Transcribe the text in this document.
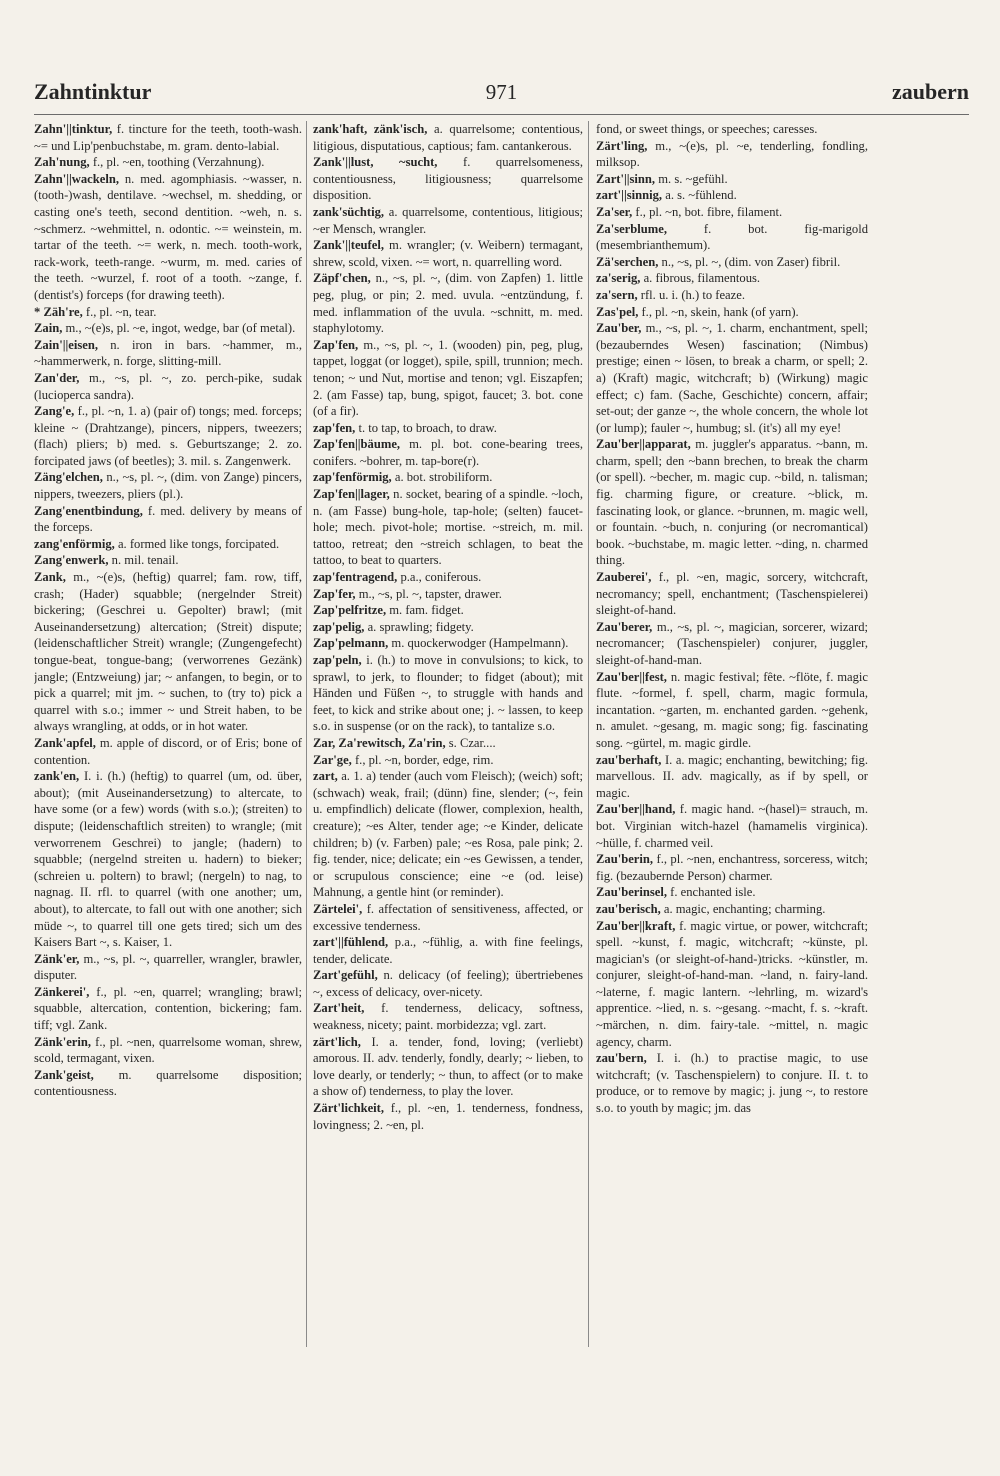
Zahntinktur	971	zaubern

Zahn'||tinktur, f. tincture for the teeth, tooth-wash. ~= und Lip'penbuchstabe, m. gram. dento-labial.

Zah'nung, f., pl. ~en, toothing (Verzahnung).

Zahn'||wackeln, n. med. agomphiasis. ~wasser, n. (tooth-)wash, dentilave. ~wechsel, m. shedding, or casting one's teeth, second dentition. ~weh, n. s. ~schmerz. ~wehmittel, n. odontic. ~= weinstein, m. tartar of the teeth. ~= werk, n. mech. tooth-work, rack-work, teeth-range. ~wurm, m. med. caries of the teeth. ~wurzel, f. root of a tooth. ~zange, f. (dentist's) forceps (for drawing teeth).

* Zäh're, f., pl. ~n, tear.

Zain, m., ~(e)s, pl. ~e, ingot, wedge, bar (of metal).

Zain'||eisen, n. iron in bars. ~hammer, m., ~hammerwerk, n. forge, slitting-mill.

Zan'der, m., ~s, pl. ~, zo. perch-pike, sudak (lucioperca sandra).

Zang'e, f., pl. ~n, 1. a) (pair of) tongs; med. forceps; kleine ~ (Drahtzange), pincers, nippers, tweezers; (flach) pliers; b) med. s. Geburtszange; 2. zo. forcipated jaws (of beetles); 3. mil. s. Zangenwerk.

Zäng'elchen, n., ~s, pl. ~, (dim. von Zange) pincers, nippers, tweezers, pliers (pl.).

Zang'enentbindung, f. med. delivery by means of the forceps.

zang'enförmig, a. formed like tongs, forcipated.

Zang'enwerk, n. mil. tenail.

Zank, m., ~(e)s, (heftig) quarrel; fam. row, tiff, crash; (Hader) squabble; (nergelnder Streit) bickering; (Geschrei u. Gepolter) brawl; (mit Auseinandersetzung) altercation; (Streit) dispute; (leidenschaftlicher Streit) wrangle; (Zungengefecht) tongue-beat, tongue-bang; (verworrenes Gezänk) jangle; (Entzweiung) jar; ~ anfangen, to begin, or to pick a quarrel; mit jm. ~ suchen, to (try to) pick a quarrel with s.o.; immer ~ und Streit haben, to be always wrangling, at odds, or in hot water.

Zank'apfel, m. apple of discord, or of Eris; bone of contention.

zank'en, I. i. (h.) (heftig) to quarrel (um, od. über, about); (mit Auseinandersetzung) to altercate, to have some (or a few) words (with s.o.); (streiten) to dispute; (leidenschaftlich streiten) to wrangle; (mit verworrenem Geschrei) to jangle; (hadern) to squabble; (nergelnd streiten u. hadern) to bieker; (schreien u. poltern) to brawl; (nergeln) to nag, to nagnag. II. rfl. to quarrel (with one another; um, about), to altercate, to fall out with one another; sich müde ~, to quarrel till one gets tired; sich um des Kaisers Bart ~, s. Kaiser, 1.

Zänk'er, m., ~s, pl. ~, quarreller, wrangler, brawler, disputer.

Zänkerei', f., pl. ~en, quarrel; wrangling; brawl; squabble, altercation, contention, bickering; fam. tiff; vgl. Zank.

Zänk'erin, f., pl. ~nen, quarrelsome woman, shrew, scold, termagant, vixen.

Zank'geist, m. quarrelsome disposition; contentiousness.

zank'haft, zänk'isch, a. quarrelsome; contentious, litigious, disputatious, captious; fam. cantankerous.

Zank'||lust, ~sucht, f. quarrelsomeness, contentiousness, litigiousness; quarrelsome disposition.

zank'süchtig, a. quarrelsome, contentious, litigious; ~er Mensch, wrangler.

Zank'||teufel, m. wrangler; (v. Weibern) termagant, shrew, scold, vixen. ~= wort, n. quarrelling word.

Zäpf'chen, n., ~s, pl. ~, (dim. von Zapfen) 1. little peg, plug, or pin; 2. med. uvula. ~entzündung, f. med. inflammation of the uvula. ~schnitt, m. med. staphylotomy.

Zap'fen, m., ~s, pl. ~, 1. (wooden) pin, peg, plug, tappet, loggat (or logget), spile, spill, trunnion; mech. tenon; ~ und Nut, mortise and tenon; vgl. Eiszapfen; 2. (am Fasse) tap, bung, spigot, faucet; 3. bot. cone (of a fir).

zap'fen, t. to tap, to broach, to draw.

Zap'fen||bäume, m. pl. bot. cone-bearing trees, conifers. ~bohrer, m. tap-bore(r).

zap'fenförmig, a. bot. strobiliform.

Zap'fen||lager, n. socket, bearing of a spindle. ~loch, n. (am Fasse) bung-hole, tap-hole; (selten) faucet-hole; mech. pivot-hole; mortise. ~streich, m. mil. tattoo, retreat; den ~streich schlagen, to beat the tattoo, to beat to quarters.

zap'fentragend, p.a., coniferous.

Zap'fer, m., ~s, pl. ~, tapster, drawer.

Zap'pelfritze, m. fam. fidget.

zap'pelig, a. sprawling; fidgety.

Zap'pelmann, m. quockerwodger (Hampelmann).

zap'peln, i. (h.) to move in convulsions; to kick, to sprawl, to jerk, to flounder; to fidget (about); mit Händen und Füßen ~, to struggle with hands and feet, to kick and strike about one; j. ~ lassen, to keep s.o. in suspense (or on the rack), to tantalize s.o.

Zar, Za'rewitsch, Za'rin, s. Czar....

Zar'ge, f., pl. ~n, border, edge, rim.

zart, a. 1. a) tender (auch vom Fleisch); (weich) soft; (schwach) weak, frail; (dünn) fine, slender; (~, fein u. empfindlich) delicate (flower, complexion, health, creature); ~es Alter, tender age; ~e Kinder, delicate children; b) (v. Farben) pale; ~es Rosa, pale pink; 2. fig. tender, nice; delicate; ein ~es Gewissen, a tender, or scrupulous conscience; eine ~e (od. leise) Mahnung, a gentle hint (or reminder).

Zärtelei', f. affectation of sensitiveness, affected, or excessive tenderness.

zart'||fühlend, p.a., ~fühlig, a. with fine feelings, tender, delicate.

Zart'gefühl, n. delicacy (of feeling); übertriebenes ~, excess of delicacy, over-nicety.

Zart'heit, f. tenderness, delicacy, softness, weakness, nicety; paint. morbidezza; vgl. zart.

zärt'lich, I. a. tender, fond, loving; (verliebt) amorous. II. adv. tenderly, fondly, dearly; ~ lieben, to love dearly, or tenderly; ~ thun, to affect (or to make a show of) tenderness, to play the lover.

Zärt'lichkeit, f., pl. ~en, 1. tenderness, fondness, lovingness; 2. ~en, pl.

fond, or sweet things, or speeches; caresses.

Zärt'ling, m., ~(e)s, pl. ~e, tenderling, fondling, milksop.

Zart'||sinn, m. s. ~gefühl.

zart'||sinnig, a. s. ~fühlend.

Za'ser, f., pl. ~n, bot. fibre, filament.

Za'serblume, f. bot. fig-marigold (mesembrianthemum).

Zä'serchen, n., ~s, pl. ~, (dim. von Zaser) fibril.

za'serig, a. fibrous, filamentous.

za'sern, rfl. u. i. (h.) to feaze.

Zas'pel, f., pl. ~n, skein, hank (of yarn).

Zau'ber, m., ~s, pl. ~, 1. charm, enchantment, spell; (bezauberndes Wesen) fascination; (Nimbus) prestige; einen ~ lösen, to break a charm, or spell; 2. a) (Kraft) magic, witchcraft; b) (Wirkung) magic effect; c) fam. (Sache, Geschichte) concern, affair; set-out; der ganze ~, the whole concern, the whole lot (or lump); fauler ~, humbug; sl. (it's) all my eye!

Zau'ber||apparat, m. juggler's apparatus. ~bann, m. charm, spell; den ~bann brechen, to break the charm (or spell). ~becher, m. magic cup. ~bild, n. talisman; fig. charming figure, or creature. ~blick, m. fascinating look, or glance. ~brunnen, m. magic well, or fountain. ~buch, n. conjuring (or necromantical) book. ~buchstabe, m. magic letter. ~ding, n. charmed thing.

Zauberei', f., pl. ~en, magic, sorcery, witchcraft, necromancy; spell, enchantment; (Taschenspielerei) sleight-of-hand.

Zau'berer, m., ~s, pl. ~, magician, sorcerer, wizard; necromancer; (Taschenspieler) conjurer, juggler, sleight-of-hand-man.

Zau'ber||fest, n. magic festival; fête. ~flöte, f. magic flute. ~formel, f. spell, charm, magic formula, incantation. ~garten, m. enchanted garden. ~gehenk, n. amulet. ~gesang, m. magic song; fig. fascinating song. ~gürtel, m. magic girdle.

zau'berhaft, I. a. magic; enchanting, bewitching; fig. marvellous. II. adv. magically, as if by spell, or magic.

Zau'ber||hand, f. magic hand. ~(hasel)= strauch, m. bot. Virginian witch-hazel (hamamelis virginica). ~hülle, f. charmed veil.

Zau'berin, f., pl. ~nen, enchantress, sorceress, witch; fig. (bezaubernde Person) charmer.

Zau'berinsel, f. enchanted isle.

zau'berisch, a. magic, enchanting; charming.

Zau'ber||kraft, f. magic virtue, or power, witchcraft; spell. ~kunst, f. magic, witchcraft; ~künste, pl. magician's (or sleight-of-hand-)tricks. ~künstler, m. conjurer, sleight-of-hand-man. ~land, n. fairy-land. ~laterne, f. magic lantern. ~lehrling, m. wizard's apprentice. ~lied, n. s. ~gesang. ~macht, f. s. ~kraft. ~märchen, n. dim. fairy-tale. ~mittel, n. magic agency, charm.

zau'bern, I. i. (h.) to practise magic, to use witchcraft; (v. Taschenspielern) to conjure. II. t. to produce, or to remove by magic; j. jung ~, to restore s.o. to youth by magic; jm. das
